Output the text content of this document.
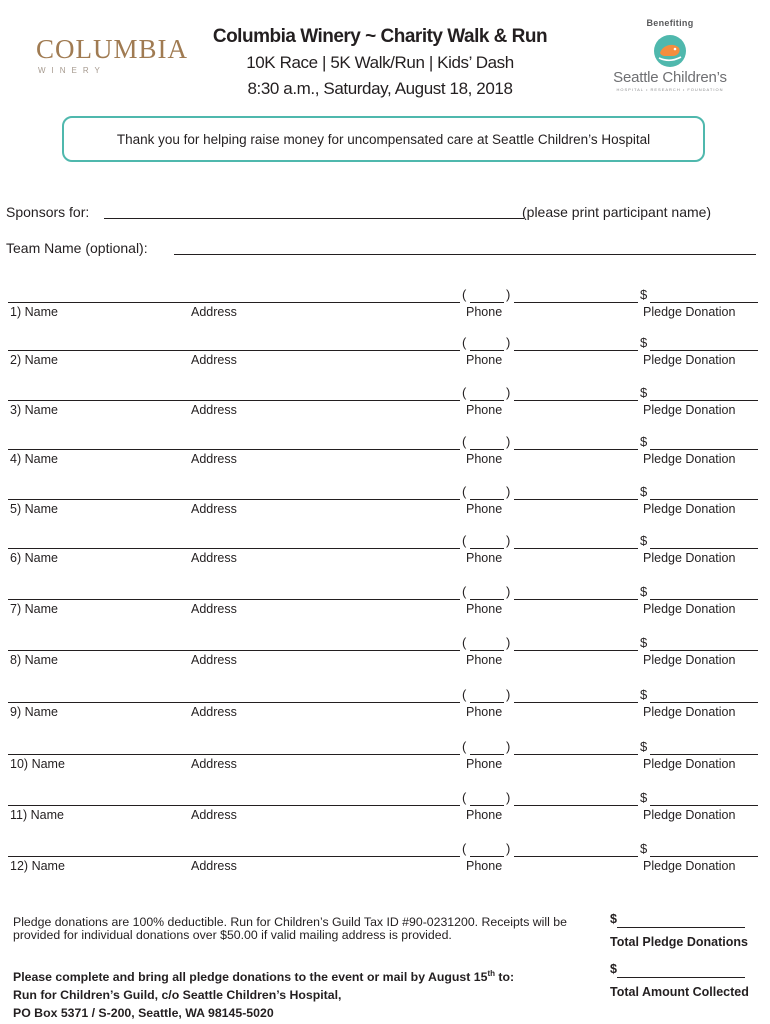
COLUMBIA
WINERY
Columbia Winery ~ Charity Walk & Run
10K Race | 5K Walk/Run | Kids’ Dash
8:30 a.m., Saturday, August 18, 2018
Benefiting
Seattle Children’s
HOSPITAL • RESEARCH • FOUNDATION
Thank you for helping raise money for uncompensated care at Seattle Children’s Hospital
Sponsors for:	(please print participant name)
Team Name (optional):
(	)	$
1) Name	Address	Phone	Pledge Donation
(	)	$
2) Name	Address	Phone	Pledge Donation
(	)	$
3) Name	Address	Phone	Pledge Donation
(	)	$
4) Name	Address	Phone	Pledge Donation
(	)	$
5) Name	Address	Phone	Pledge Donation
(	)	$
6) Name	Address	Phone	Pledge Donation
(	)	$
7) Name	Address	Phone	Pledge Donation
(	)	$
8) Name	Address	Phone	Pledge Donation
(	)	$
9) Name	Address	Phone	Pledge Donation
(	)	$
10) Name	Address	Phone	Pledge Donation
(	)	$
11) Name	Address	Phone	Pledge Donation
(	)	$
12) Name	Address	Phone	Pledge Donation
Pledge donations are 100% deductible. Run for Children’s Guild Tax ID #90-0231200. Receipts will be provided for individual donations over $50.00 if valid mailing address is provided.
Please complete and bring all pledge donations to the event or mail by August 15th to:
Run for Children’s Guild, c/o Seattle Children’s Hospital,
PO Box 5371 / S-200, Seattle, WA 98145-5020
$
Total Pledge Donations
$
Total Amount Collected
